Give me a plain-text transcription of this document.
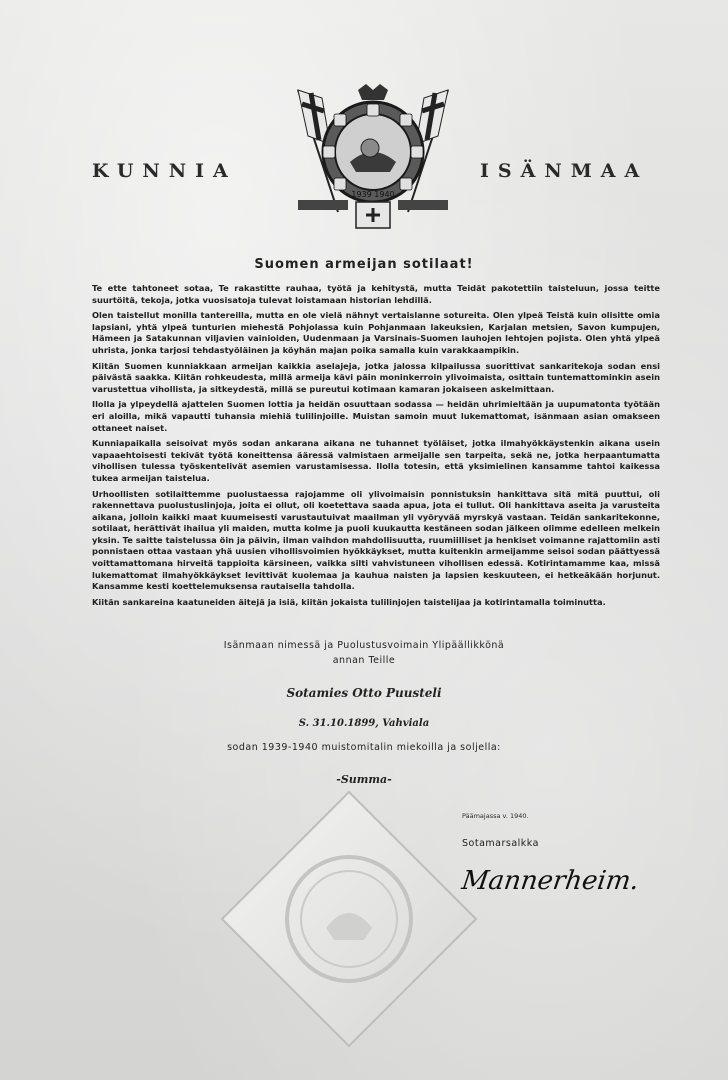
1939 1940
KUNNIA	ISÄNMAA
Suomen armeijan sotilaat!

Te ette tahtoneet sotaa, Te rakastitte rauhaa, työtä ja kehitystä, mutta Teidät pakotettiin taisteluun, jossa teitte suurtöitä, tekoja, jotka vuosisatoja tulevat loistamaan historian lehdillä.

Olen taistellut monilla tantereilla, mutta en ole vielä nähnyt vertaislanne sotureita. Olen ylpeä Teistä kuin olisitte omia lapsiani, yhtä ylpeä tunturien miehestä Pohjolassa kuin Pohjanmaan lakeuksien, Karjalan metsien, Savon kumpujen, Hämeen ja Satakunnan viljavien vainioiden, Uudenmaan ja Varsinais-Suomen lauhojen lehtojen pojista. Olen yhtä ylpeä uhrista, jonka tarjosi tehdastyöläinen ja köyhän majan poika samalla kuin varakkaampikin.

Kiitän Suomen kunniakkaan armeijan kaikkia aselajeja, jotka jalossa kilpailussa suorittivat sankaritekoja sodan ensi päivästä saakka. Kiitän rohkeudesta, millä armeija kävi päin moninkerroin ylivoimaista, osittain tuntemattominkin asein varustettua vihollista, ja sitkeydestä, millä se pureutui kotimaan kamaran jokaiseen askelmittaan.

Ilolla ja ylpeydellä ajattelen Suomen lottia ja heidän osuuttaan sodassa — heidän uhrimieltään ja uupumatonta työtään eri aloilla, mikä vapautti tuhansia miehiä tulilinjoille. Muistan samoin muut lukemattomat, isänmaan asian omakseen ottaneet naiset.

Kunniapaikalla seisoivat myös sodan ankarana aikana ne tuhannet työläiset, jotka ilmahyökkäystenkin aikana usein vapaaehtoisesti tekivät työtä koneittensa ääressä valmistaen armeijalle sen tarpeita, sekä ne, jotka herpaantumatta vihollisen tulessa työskentelivät asemien varustamisessa. Ilolla totesin, että yksimielinen kansamme tahtoi kaikessa tukea armeijan taistelua.

Urhoollisten sotilaittemme puolustaessa rajojamme oli ylivoimaisin ponnistuksin hankittava sitä mitä puuttui, oli rakennettava puolustuslinjoja, joita ei ollut, oli koetettava saada apua, jota ei tullut. Oli hankittava aseita ja varusteita aikana, jolloin kaikki maat kuumeisesti varustautuivat maailman yli vyöryvää myrskyä vastaan. Teidän sankaritekonne, sotilaat, herättivät ihailua yli maiden, mutta kolme ja puoli kuukautta kestäneen sodan jälkeen olimme edelleen melkein yksin. Te saitte taistelussa öin ja päivin, ilman vaihdon mahdollisuutta, ruumiilliset ja henkiset voimanne rajattomiin asti ponnistaen ottaa vastaan yhä uusien vihollisvoimien hyökkäykset, mutta kuitenkin armeijamme seisoi sodan päättyessä voittamattomana hirveitä tappioita kärsineen, vaikka silti vahvistuneen vihollisen edessä. Kotirintamamme kaa, missä lukemattomat ilmahyökkäykset levittivät kuolemaa ja kauhua naisten ja lapsien keskuuteen, ei hetkeäkään horjunut. Kansamme kesti koettelemuksensa rautaisella tahdolla.

Kiitän sankareina kaatuneiden äitejä ja isiä, kiitän jokaista tulilinjojen taistelijaa ja kotirintamalla toiminutta.

Isänmaan nimessä ja Puolustusvoimain Ylipäällikkönä
annan Teille
Sotamies Otto Puusteli
S. 31.10.1899, Vahviala
sodan 1939-1940 muistomitalin miekoilla ja soljella:
-Summa-
Päämajassa v. 1940.
Sotamarsalkka
Mannerheim.
